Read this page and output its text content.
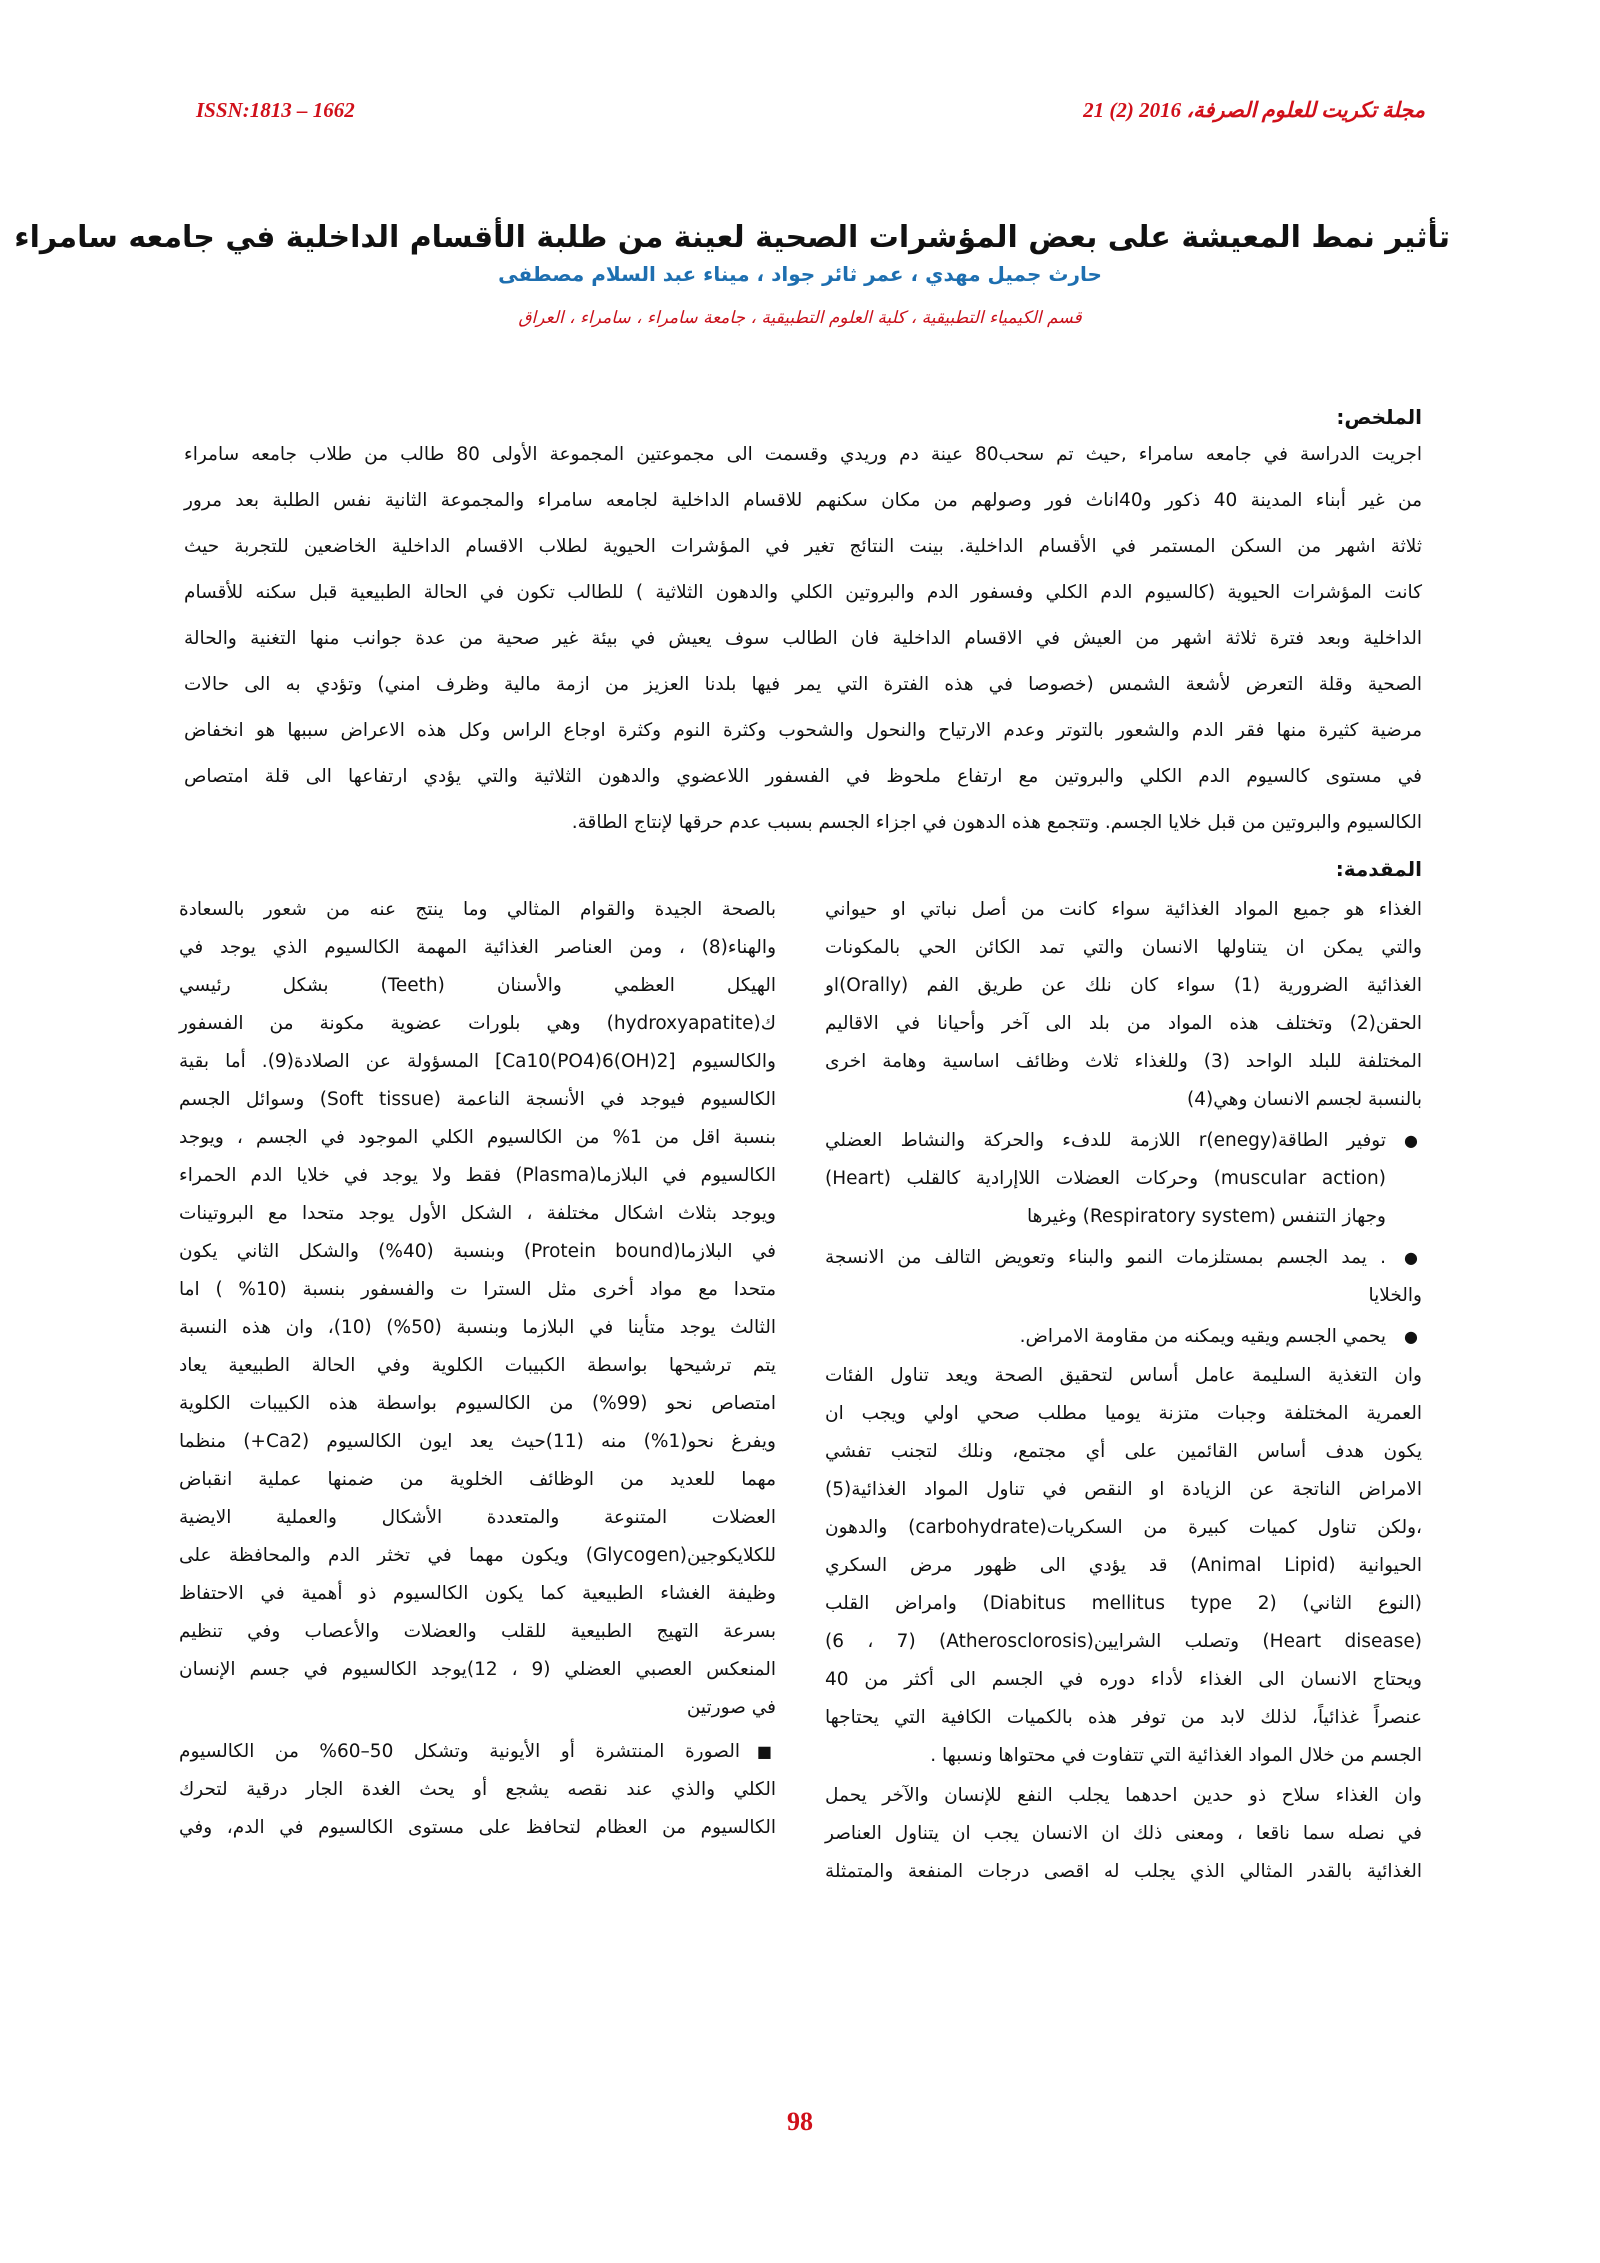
ISSN:1813 – 1662	مجلة تكريت للعلوم الصرفة، 21 (2) 2016
تأثير نمط المعيشة على بعض المؤشرات الصحية لعينة من طلبة الأقسام الداخلية في جامعه سامراء
حارث جميل مهدي ، عمر ثائر جواد ، ميناء عبد السلام مصطفى
قسم الكيمياء التطبيقية ، كلية العلوم التطبيقية ، جامعة سامراء ، سامراء ، العراق
الملخص:
اجريت الدراسة في جامعه سامراء ,حيث تم سحب80 عينة دم وريدي وقسمت الى مجموعتين المجموعة الأولى 80 طالب من طلاب جامعه سامراء
من غير أبناء المدينة 40 ذكور و40اناث فور وصولهم من مكان سكنهم للاقسام الداخلية لجامعه سامراء والمجموعة الثانية نفس الطلبة بعد مرور
ثلاثة اشهر من السكن المستمر في الأقسام الداخلية. بينت النتائج تغير في المؤشرات الحيوية لطلاب الاقسام الداخلية الخاضعين للتجربة حيث
كانت المؤشرات الحيوية (كالسيوم الدم الكلي وفسفور الدم والبروتين الكلي والدهون الثلاثية ) للطالب تكون في الحالة الطبيعية قبل سكنه للأقسام
الداخلية وبعد فترة ثلاثة اشهر من العيش في الاقسام الداخلية فان الطالب سوف يعيش في بيئة غير صحية من عدة جوانب منها التغنية والحالة
الصحية وقلة التعرض لأشعة الشمس (خصوصا في هذه الفترة التي يمر فيها بلدنا العزيز من ازمة مالية وظرف امني) وتؤدي به الى حالات
مرضية كثيرة منها فقر الدم والشعور بالتوتر وعدم الارتياح والنحول والشحوب وكثرة النوم وكثرة اوجاع الراس وكل هذه الاعراض سببها هو انخفاض
في مستوى كالسيوم الدم الكلي والبروتين مع ارتفاع ملحوظ في الفسفور اللاعضوي والدهون الثلاثية والتي يؤدي ارتفاعها الى قلة امتصاص
الكالسيوم والبروتين من قبل خلايا الجسم. وتتجمع هذه الدهون في اجزاء الجسم بسبب عدم حرقها لإنتاج الطاقة.
المقدمة:
الغذاء هو جميع المواد الغذائية سواء كانت من أصل نباتي او حيواني
والتي يمكن ان يتناولها الانسان والتي تمد الكائن الحي بالمكونات
الغذائية الضرورية (1) سواء كان نلك عن طريق الفم (Orally)او
الحقن(2) وتختلف هذه المواد من بلد الى آخر وأحيانا في الاقاليم
المختلفة للبلد الواحد (3) وللغذاء ثلاث وظائف اساسية وهامة اخرى
بالنسبة لجسم الانسان وهي(4)
●
توفير الطاقةr(enegy) اللازمة للدفء والحركة والنشاط العضلي
(muscular action) وحركات العضلات اللاإرادية كالقلب (Heart)
وجهاز التنفس (Respiratory system) وغيرها
●
. يمد الجسم بمستلزمات النمو والبناء وتعويض التالف من الانسجة
والخلايا
●
يحمي الجسم ويقيه ويمكنه من مقاومة الامراض.
وان التغذية السليمة عامل أساس لتحقيق الصحة ويعد تناول الفئات
العمرية المختلفة وجبات متزنة يوميا مطلب صحي اولي ويجب ان
يكون هدف أساس القائمين على أي مجتمع، ونلك لتجنب تفشي
الامراض الناتجة عن الزيادة او النقص في تناول المواد الغذائية(5)
،ولكن تناول كميات كبيرة من السكريات(carbohydrate) والدهون
الحيوانية (Animal Lipid) قد يؤدي الى ظهور مرض السكري
(النوع الثاني) (Diabitus mellitus type 2) وامراض القلب
(Heart disease) وتصلب الشرايين(Atherosclorosis) (6 ، 7)
ويحتاج الانسان الى الغذاء لأداء دوره في الجسم الى أكثر من 40
عنصراً غذائياً، لذلك لابد من توفر هذه بالكميات الكافية التي يحتاجها
الجسم من خلال المواد الغذائية التي تتفاوت في محتواها ونسبها .
وان الغذاء سلاح ذو حدين احدهما يجلب النفع للإنسان والآخر يحمل
في نصله سما ناقعا ، ومعنى ذلك ان الانسان يجب ان يتناول العناصر
الغذائية بالقدر المثالي الذي يجلب له اقصى درجات المنفعة والمتمثلة
بالصحة الجيدة والقوام المثالي وما ينتج عنه من شعور بالسعادة
والهناء(8) ، ومن العناصر الغذائية المهمة الكالسيوم الذي يوجد في
الهيكل العظمي والأسنان (Teeth) بشكل رئيسي
ك(hydroxyapatite) وهي بلورات عضوية مكونة من الفسفور
والكالسيوم [Ca10(PO4)6(OH)2] المسؤولة عن الصلادة(9). أما بقية
الكالسيوم فيوجد في الأنسجة الناعمة (Soft tissue) وسوائل الجسم
بنسبة اقل من 1% من الكالسيوم الكلي الموجود في الجسم ، ويوجد
الكالسيوم في البلازما(Plasma) فقط ولا يوجد في خلايا الدم الحمراء
ويوجد بثلاث اشكال مختلفة ، الشكل الأول يوجد متحدا مع البروتينات
في البلازما(Protein bound) وبنسبة (40%) والشكل الثاني يكون
متحدا مع مواد أخرى مثل السترا ت والفسفور بنسبة (10% ) اما
الثالث يوجد متأينا في البلازما وبنسبة (50%) (10)، وان هذه النسبة
يتم ترشيحها بواسطة الكبيبات الكلوية وفي الحالة الطبيعية يعاد
امتصاص نحو (99%) من الكالسيوم بواسطة هذه الكبيبات الكلوية
ويفرغ نحو(1%) منه (11)حيث يعد ايون الكالسيوم (Ca2+) منظما
مهما للعديد من الوظائف الخلوية من ضمنها عملية انقباض
العضلات المتنوعة والمتعددة الأشكال والعملية الايضية
للكلايكوجين(Glycogen) ويكون مهما في تخثر الدم والمحافظة على
وظيفة الغشاء الطبيعية كما يكون الكالسيوم ذو أهمية في الاحتفاظ
بسرعة التهيج الطبيعية للقلب والعضلات والأعصاب وفي تنظيم
المنعكس العصبي العضلي (9 ، 12)يوجد الكالسيوم في جسم الإنسان
في صورتين
■
الصورة المنتشرة أو الأيونية وتشكل 50–60% من الكالسيوم
الكلي والذي عند نقصه يشجع أو يحث الغدة الجار درقية لتحرك
الكالسيوم من العظام لتحافظ على مستوى الكالسيوم في الدم، وفي
98
